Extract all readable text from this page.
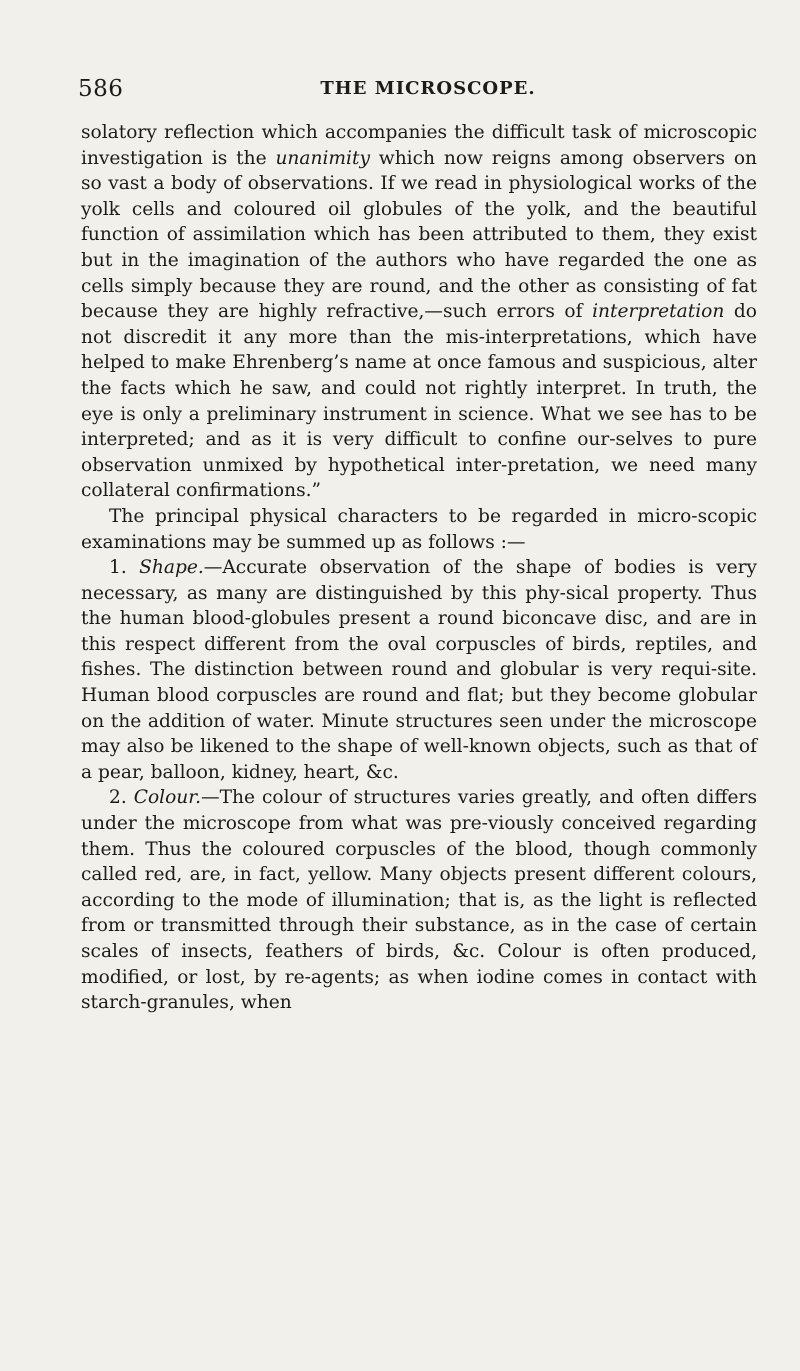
586	THE MICROSCOPE.

solatory reflection which accompanies the difficult task of microscopic investigation is the unanimity which now reigns among observers on so vast a body of observations. If we read in physiological works of the yolk cells and coloured oil globules of the yolk, and the beautiful function of assimilation which has been attributed to them, they exist but in the imagination of the authors who have regarded the one as cells simply because they are round, and the other as consisting of fat because they are highly refractive,—such errors of interpretation do not discredit it any more than the mis-interpretations, which have helped to make Ehrenberg’s name at once famous and suspicious, alter the facts which he saw, and could not rightly interpret. In truth, the eye is only a preliminary instrument in science. What we see has to be interpreted; and as it is very difficult to confine our-selves to pure observation unmixed by hypothetical inter-pretation, we need many collateral confirmations.”

The principal physical characters to be regarded in micro-scopic examinations may be summed up as follows :—

1. Shape.—Accurate observation of the shape of bodies is very necessary, as many are distinguished by this phy-sical property. Thus the human blood-globules present a round biconcave disc, and are in this respect different from the oval corpuscles of birds, reptiles, and fishes. The distinction between round and globular is very requi-site. Human blood corpuscles are round and flat; but they become globular on the addition of water. Minute structures seen under the microscope may also be likened to the shape of well-known objects, such as that of a pear, balloon, kidney, heart, &c.

2. Colour.—The colour of structures varies greatly, and often differs under the microscope from what was pre-viously conceived regarding them. Thus the coloured corpuscles of the blood, though commonly called red, are, in fact, yellow. Many objects present different colours, according to the mode of illumination; that is, as the light is reflected from or transmitted through their substance, as in the case of certain scales of insects, feathers of birds, &c. Colour is often produced, modified, or lost, by re-agents; as when iodine comes in contact with starch-granules, when
